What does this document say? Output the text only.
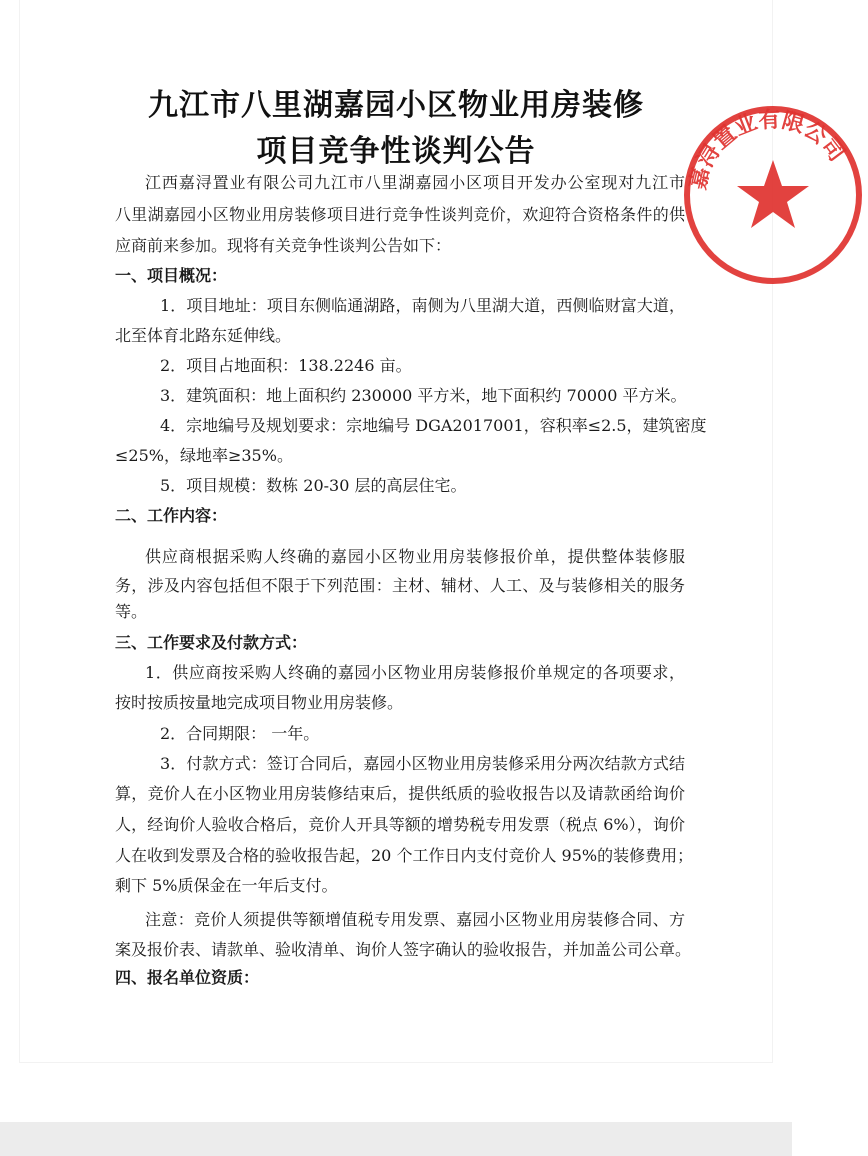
九江市八里湖嘉园小区物业用房装修
项目竞争性谈判公告
江西嘉浔置业有限公司九江市八里湖嘉园小区项目开发办公室现对九江市
八里湖嘉园小区物业用房装修项目进行竞争性谈判竞价，欢迎符合资格条件的供
应商前来参加。现将有关竞争性谈判公告如下：
一、项目概况：
1．项目地址：项目东侧临通湖路，南侧为八里湖大道，西侧临财富大道，
北至体育北路东延伸线。
2．项目占地面积：138.2246 亩。
3．建筑面积：地上面积约 230000 平方米，地下面积约 70000 平方米。
4．宗地编号及规划要求：宗地编号 DGA2017001，容积率≤2.5，建筑密度
≤25%，绿地率≥35%。
5．项目规模：数栋 20-30 层的高层住宅。
二、工作内容：
供应商根据采购人终确的嘉园小区物业用房装修报价单，提供整体装修服
务，涉及内容包括但不限于下列范围：主材、辅材、人工、及与装修相关的服务
等。
三、工作要求及付款方式：
1．供应商按采购人终确的嘉园小区物业用房装修报价单规定的各项要求，
按时按质按量地完成项目物业用房装修。
2．合同期限： 一年。
3．付款方式：签订合同后，嘉园小区物业用房装修采用分两次结款方式结
算，竞价人在小区物业用房装修结束后，提供纸质的验收报告以及请款函给询价
人，经询价人验收合格后，竞价人开具等额的增势税专用发票（税点 6%），询价
人在收到发票及合格的验收报告起，20 个工作日内支付竞价人 95%的装修费用；
剩下 5%质保金在一年后支付。
注意：竞价人须提供等额增值税专用发票、嘉园小区物业用房装修合同、方
案及报价表、请款单、验收清单、询价人签字确认的验收报告，并加盖公司公章。
四、报名单位资质：
嘉浔置业有限公司
